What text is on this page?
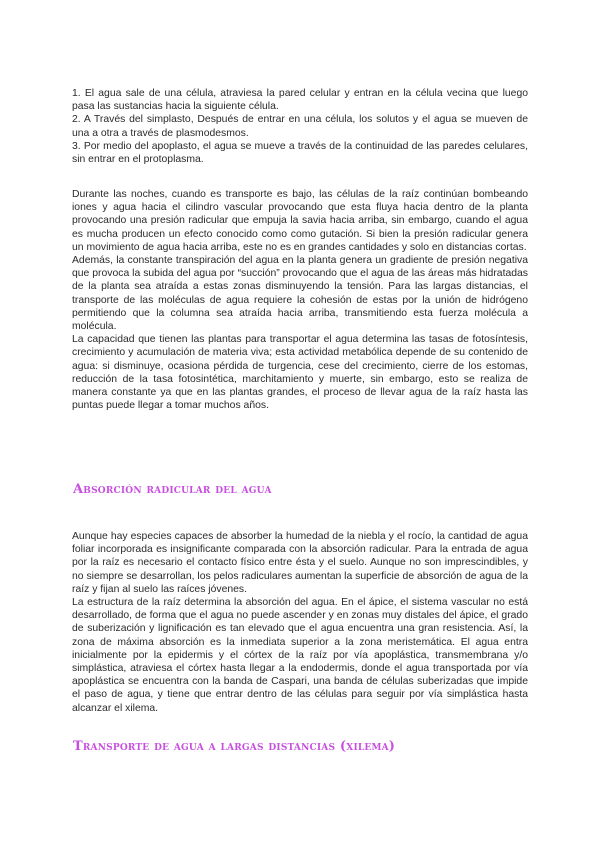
1. El agua sale de una célula, atraviesa la pared celular y entran en la célula vecina que luego pasa las sustancias hacia la siguiente célula.

2. A Través del simplasto, Después de entrar en una célula, los solutos y el agua se mueven de una a otra a través de plasmodesmos.

3. Por medio del apoplasto, el agua se mueve a través de la continuidad de las paredes celulares, sin entrar en el protoplasma.

Durante las noches, cuando es transporte es bajo, las células de la raíz continúan bombeando iones y agua hacia el cilindro vascular provocando que esta fluya hacia dentro de la planta provocando una presión radicular que empuja la savia hacia arriba, sin embargo, cuando el agua es mucha producen un efecto conocido como como gutación. Si bien la presión radicular genera un movimiento de agua hacia arriba, este no es en grandes cantidades y solo en distancias cortas.

Además, la constante transpiración del agua en la planta genera un gradiente de presión negativa que provoca la subida del agua por “succión” provocando que el agua de las áreas más hidratadas de la planta sea atraída a estas zonas disminuyendo la tensión. Para las largas distancias, el transporte de las moléculas de agua requiere la cohesión de estas por la unión de hidrógeno permitiendo que la columna sea atraída hacia arriba, transmitiendo esta fuerza molécula a molécula.

La capacidad que tienen las plantas para transportar el agua determina las tasas de fotosíntesis, crecimiento y acumulación de materia viva; esta actividad metabólica depende de su contenido de agua: si disminuye, ocasiona pérdida de turgencia, cese del crecimiento, cierre de los estomas, reducción de la tasa fotosintética, marchitamiento y muerte, sin embargo, esto se realiza de manera constante ya que en las plantas grandes, el proceso de llevar agua de la raíz hasta las puntas puede llegar a tomar muchos años.

Absorción radicular del agua

Aunque hay especies capaces de absorber la humedad de la niebla y el rocío, la cantidad de agua foliar incorporada es insignificante comparada con la absorción radicular. Para la entrada de agua por la raíz es necesario el contacto físico entre ésta y el suelo. Aunque no son imprescindibles, y no siempre se desarrollan, los pelos radiculares aumentan la superficie de absorción de agua de la raíz y fijan al suelo las raíces jóvenes.

La estructura de la raíz determina la absorción del agua. En el ápice, el sistema vascular no está desarrollado, de forma que el agua no puede ascender y en zonas muy distales del ápice, el grado de suberización y lignificación es tan elevado que el agua encuentra una gran resistencia. Así, la zona de máxima absorción es la inmediata superior a la zona meristemática. El agua entra inicialmente por la epidermis y el córtex de la raíz por vía apoplástica, transmembrana y/o simplástica, atraviesa el córtex hasta llegar a la endodermis, donde el agua transportada por vía apoplástica se encuentra con la banda de Caspari, una banda de células suberizadas que impide el paso de agua, y tiene que entrar dentro de las células para seguir por vía simplástica hasta alcanzar el xilema.

Transporte de agua a largas distancias (xilema)
